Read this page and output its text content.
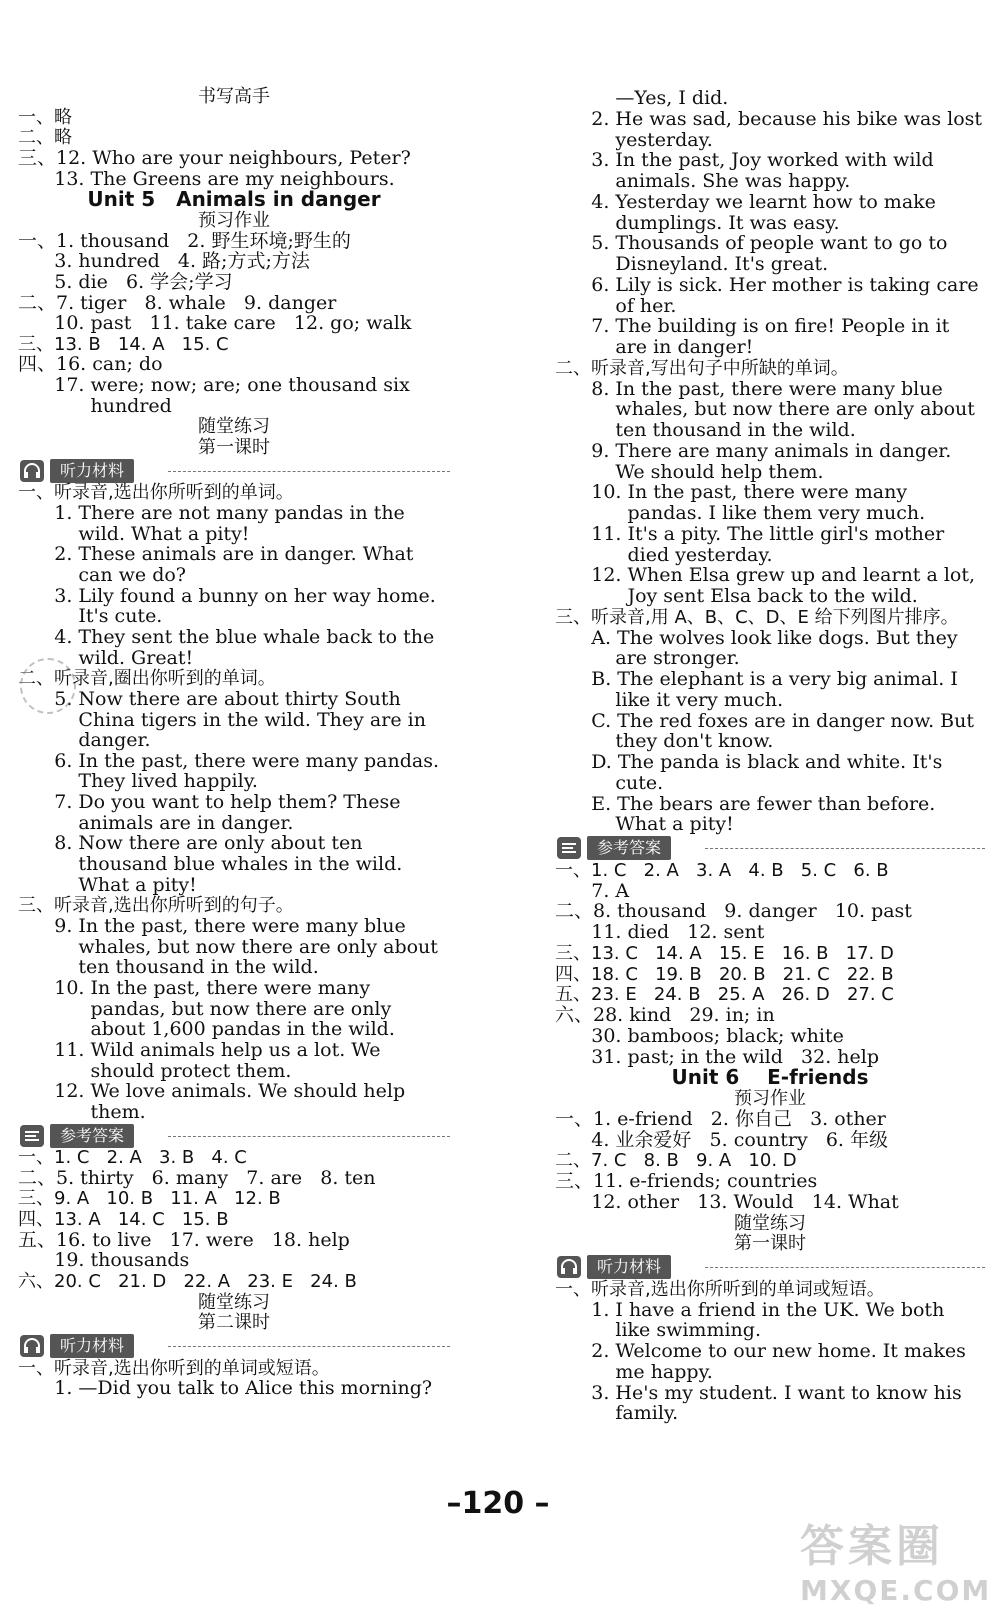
书写高手
一、略
二、略
三、12. Who are your neighbours, Peter?
13. The Greens are my neighbours.
Unit 5   Animals in danger
预习作业
一、1. thousand   2. 野生环境;野生的
3. hundred   4. 路;方式;方法
5. die   6. 学会;学习
二、7. tiger   8. whale   9. danger
10. past   11. take care   12. go; walk
三、13. B   14. A   15. C
四、16. can; do
17. were; now; are; one thousand six
hundred
随堂练习
第一课时
听力材料
一、听录音,选出你所听到的单词。
1. There are not many pandas in the
wild. What a pity!
2. These animals are in danger. What
can we do?
3. Lily found a bunny on her way home.
It's cute.
4. They sent the blue whale back to the
wild. Great!
二、听录音,圈出你听到的单词。
5. Now there are about thirty South
China tigers in the wild. They are in
danger.
6. In the past, there were many pandas.
They lived happily.
7. Do you want to help them? These
animals are in danger.
8. Now there are only about ten
thousand blue whales in the wild.
What a pity!
三、听录音,选出你所听到的句子。
9. In the past, there were many blue
whales, but now there are only about
ten thousand in the wild.
10. In the past, there were many
pandas, but now there are only
about 1,600 pandas in the wild.
11. Wild animals help us a lot. We
should protect them.
12. We love animals. We should help
them.
参考答案
一、1. C   2. A   3. B   4. C
二、5. thirty   6. many   7. are   8. ten
三、9. A   10. B   11. A   12. B
四、13. A   14. C   15. B
五、16. to live   17. were   18. help
19. thousands
六、20. C   21. D   22. A   23. E   24. B
随堂练习
第二课时
听力材料
一、听录音,选出你听到的单词或短语。
1. —Did you talk to Alice this morning?
—Yes, I did.
2. He was sad, because his bike was lost
yesterday.
3. In the past, Joy worked with wild
animals. She was happy.
4. Yesterday we learnt how to make
dumplings. It was easy.
5. Thousands of people want to go to
Disneyland. It's great.
6. Lily is sick. Her mother is taking care
of her.
7. The building is on fire! People in it
are in danger!
二、听录音,写出句子中所缺的单词。
8. In the past, there were many blue
whales, but now there are only about
ten thousand in the wild.
9. There are many animals in danger.
We should help them.
10. In the past, there were many
pandas. I like them very much.
11. It's a pity. The little girl's mother
died yesterday.
12. When Elsa grew up and learnt a lot,
Joy sent Elsa back to the wild.
三、听录音,用 A、B、C、D、E 给下列图片排序。
A. The wolves look like dogs. But they
are stronger.
B. The elephant is a very big animal. I
like it very much.
C. The red foxes are in danger now. But
they don't know.
D. The panda is black and white. It's
cute.
E. The bears are fewer than before.
What a pity!
参考答案
一、1. C   2. A   3. A   4. B   5. C   6. B
7. A
二、8. thousand   9. danger   10. past
11. died   12. sent
三、13. C   14. A   15. E   16. B   17. D
四、18. C   19. B   20. B   21. C   22. B
五、23. E   24. B   25. A   26. D   27. C
六、28. kind   29. in; in
30. bamboos; black; white
31. past; in the wild   32. help
Unit 6    E-friends
预习作业
一、1. e-friend   2. 你自己   3. other
4. 业余爱好   5. country   6. 年级
二、7. C   8. B   9. A   10. D
三、11. e-friends; countries
12. other   13. Would   14. What
随堂练习
第一课时
听力材料
一、听录音,选出你所听到的单词或短语。
1. I have a friend in the UK. We both
like swimming.
2. Welcome to our new home. It makes
me happy.
3. He's my student. I want to know his
family.
–120 –
答案圈
MXQE.COM
